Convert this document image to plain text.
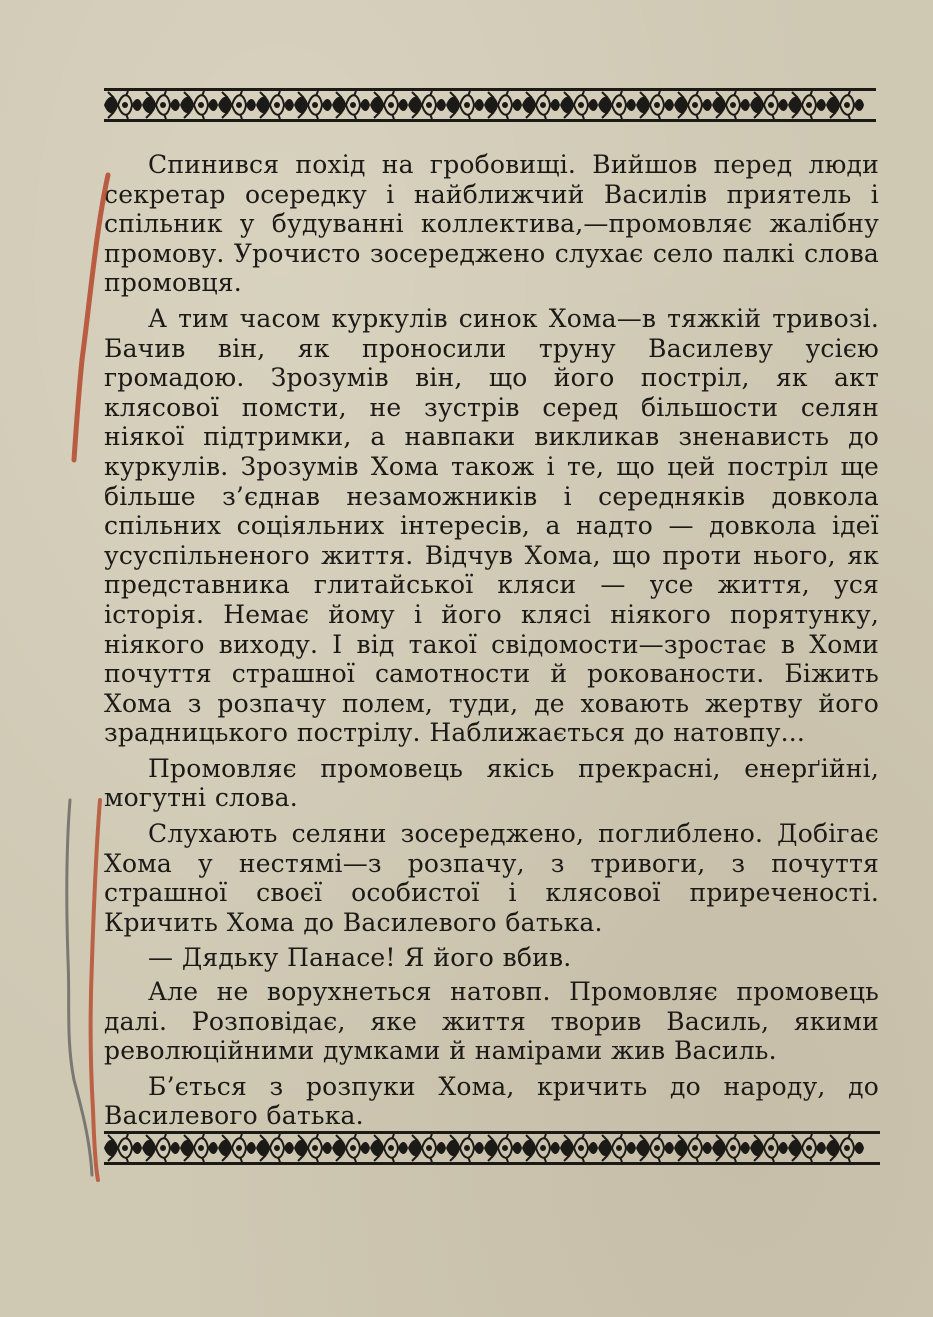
Спинився похід на гробовищі. Вийшов перед люди секретар осередку і найближчий Василів приятель і спільник у будуванні коллектива,—промовляє жалібну промову. Урочисто зосереджено слухає село палкі слова промовця.

А тим часом куркулів синок Хома—в тяжкій тривозі. Бачив він, як проносили труну Василеву усією громадою. Зрозумів він, що його постріл, як акт клясової помсти, не зустрів серед більшости селян ніякої підтримки, а навпаки викликав зненависть до куркулів. Зрозумів Хома також і те, що цей постріл ще більше з’єднав незаможників і середняків довкола спільних соціяльних інтересів, а надто — довкола ідеї усуспільненого життя. Відчув Хома, що проти нього, як представника глитайської кляси — усе життя, уся історія. Немає йому і його клясі ніякого порятунку, ніякого виходу. І від такої свідомости—зростає в Хоми почуття страшної самотности й рокованости. Біжить Хома з розпачу полем, туди, де ховають жертву його зрадницького пострілу. Наближається до натовпу...

Промовляє промовець якісь прекрасні, енерґійні, могутні слова.

Слухають селяни зосереджено, поглиблено. Добігає Хома у нестямі—з розпачу, з тривоги, з почуття страшної своєї особистої і клясової приреченості. Кричить Хома до Василевого батька.

— Дядьку Панасе! Я його вбив.

Але не ворухнеться натовп. Промовляє промовець далі. Розповідає, яке життя творив Василь, якими революційними думками й намірами жив Василь.

Б’ється з розпуки Хома, кричить до народу, до Василевого батька.
